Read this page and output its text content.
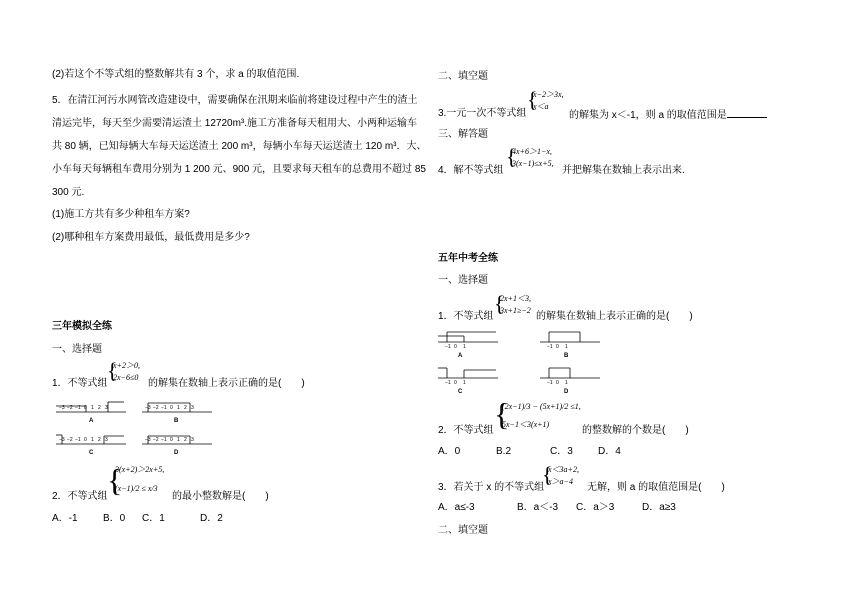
(2)若这个不等式组的整数解共有 3 个，求 a 的取值范围.
5．在清江河污水网管改造建设中，需要确保在汛期来临前将建设过程中产生的渣土
清运完毕，每天至少需要清运渣土 12720m³.施工方准备每天租用大、小两种运输车
共 80 辆，已知每辆大车每天运送渣土 200 m³，每辆小车每天运送渣土 120 m³．大、
小车每天每辆租车费用分别为 1 200 元、900 元，且要求每天租车的总费用不超过 85
300 元.
(1)施工方共有多少种租车方案?
(2)哪种租车方案费用最低，最低费用是多少?
三年模拟全练
一、选择题
1．不等式组
{
x+2＞0,
2x−6≤0
的解集在数轴上表示正确的是(　　)
−3 −2 −1 0 1 2 3
A
−3 −2 −1 0 1 2 3
B
−3 −2 −1 0 1 2 3
C
−3 −2 −1 0 1 2 3
D
{
3(x+2)＞2x+5,
(x−1)/2 ≤ x/3
2．不等式组	的最小整数解是(　　)
A．-1	B．0 C．1	D．2
二、填空题
3.一元一次不等式组
{
x−2＞3x,
x＜a
的解集为 x＜-1，则 a 的取值范围是
三、解答题
4．解不等式组
{
4x+6＞1−x,
3(x−1)≤x+5,
并把解集在数轴上表示出来.
五年中考全练
一、选择题
1．不等式组
{
2x+1＜3,
3x+1≥−2
的解集在数轴上表示正确的是(　　)
−1 0 1
A
−1 0 1
B
−1 0 1
C
−1 0 1
D
{
(2x−1)/3 − (5x+1)/2 ≤1,
5x−1＜3(x+1)
2．不等式组	的整数解的个数是(　　)
A．0	B.2	C．3	D．4
3．若关于 x 的不等式组
{
x＜3a+2,
x＞a−4
无解，则 a 的取值范围是(　　)
A．a≤-3	B．a＜-3 C．a＞3	D．a≥3
二、填空题
